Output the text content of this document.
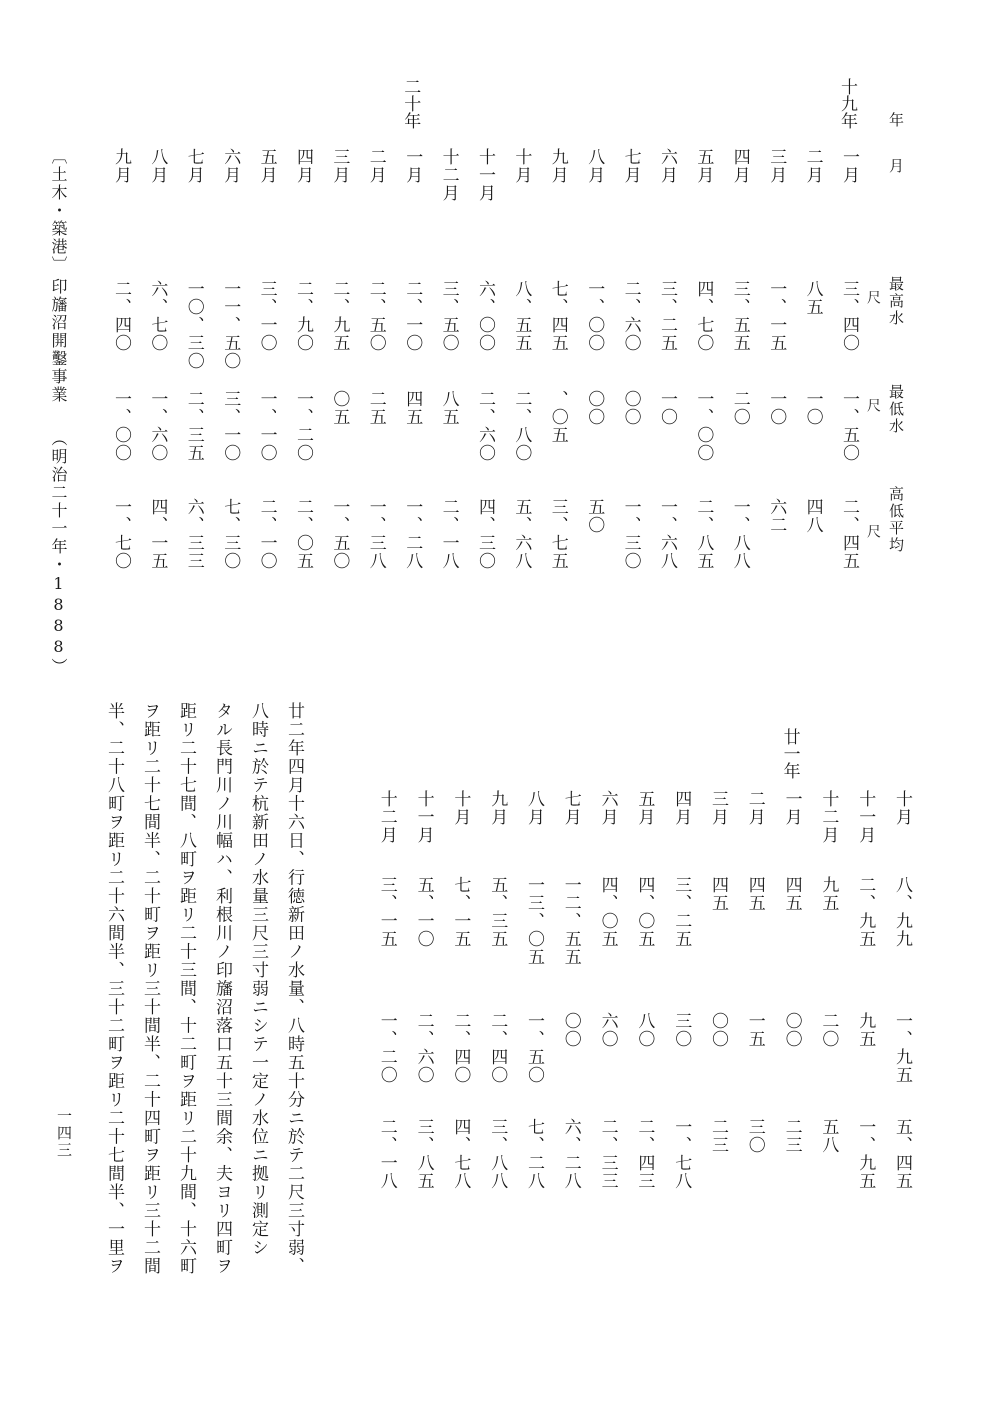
年
月
最高水
最低水
高低平均
尺
尺
尺
十九年
一月
三、四〇
一、五〇
二、四五
二月
八五
一〇
四八
三月
一、一五
一〇
六二
四月
三、五五
二〇
一、八八
五月
四、七〇
一、〇〇
二、八五
六月
三、二五
一〇
一、六八
七月
二、六〇
〇〇
一、三〇
八月
一、〇〇
〇〇
五〇
九月
七、四五
、〇五
三、七五
十月
八、五五
二、八〇
五、六八
十一月
六、〇〇
二、六〇
四、三〇
十二月
三、五〇
八五
二、一八
二十年
一月
二、一〇
四五
一、二八
二月
二、五〇
二五
一、三八
三月
二、九五
〇五
一、五〇
四月
二、九〇
一、二〇
二、〇五
五月
三、一〇
一、一〇
二、一〇
六月
一一、五〇
三、一〇
七、三〇
七月
一〇、三〇
二、三五
六、三三
八月
六、七〇
一、六〇
四、一五
九月
二、四〇
一、〇〇
一、七〇
十月
八、九九
一、九五
五、四五
十一月
二、九五
九五
一、九五
十二月
九五
二〇
五八
廿一年
一月
四五
〇〇
二三
二月
四五
一五
三〇
三月
四五
〇〇
二三
四月
三、二五
三〇
一、七八
五月
四、〇五
八〇
二、四三
六月
四、〇五
六〇
二、三三
七月
一二、五五
〇〇
六、二八
八月
一三、〇五
一、五〇
七、二八
九月
五、三五
二、四〇
三、八八
十月
七、一五
二、四〇
四、七八
十一月
五、一〇
二、六〇
三、八五
十二月
三、一五
一、二〇
二、一八
廿二年四月十六日、行徳新田ノ水量、八時五十分ニ於テ二尺三寸弱、
八時ニ於テ杭新田ノ水量三尺三寸弱ニシテ一定ノ水位ニ拠リ測定シ
タル長門川ノ川幅ハ、利根川ノ印旛沼落口五十三間余、夫ヨリ四町ヲ
距リ二十七間、八町ヲ距リ二十三間、十二町ヲ距リ二十九間、十六町
ヲ距リ二十七間半、二十町ヲ距リ三十間半、二十四町ヲ距リ三十二間
半、二十八町ヲ距リ二十六間半、三十二町ヲ距リ二十七間半、一里ヲ
〔土木・築港〕
印旛沼開鑿事業
（明治二十一年・1888）
一四三
